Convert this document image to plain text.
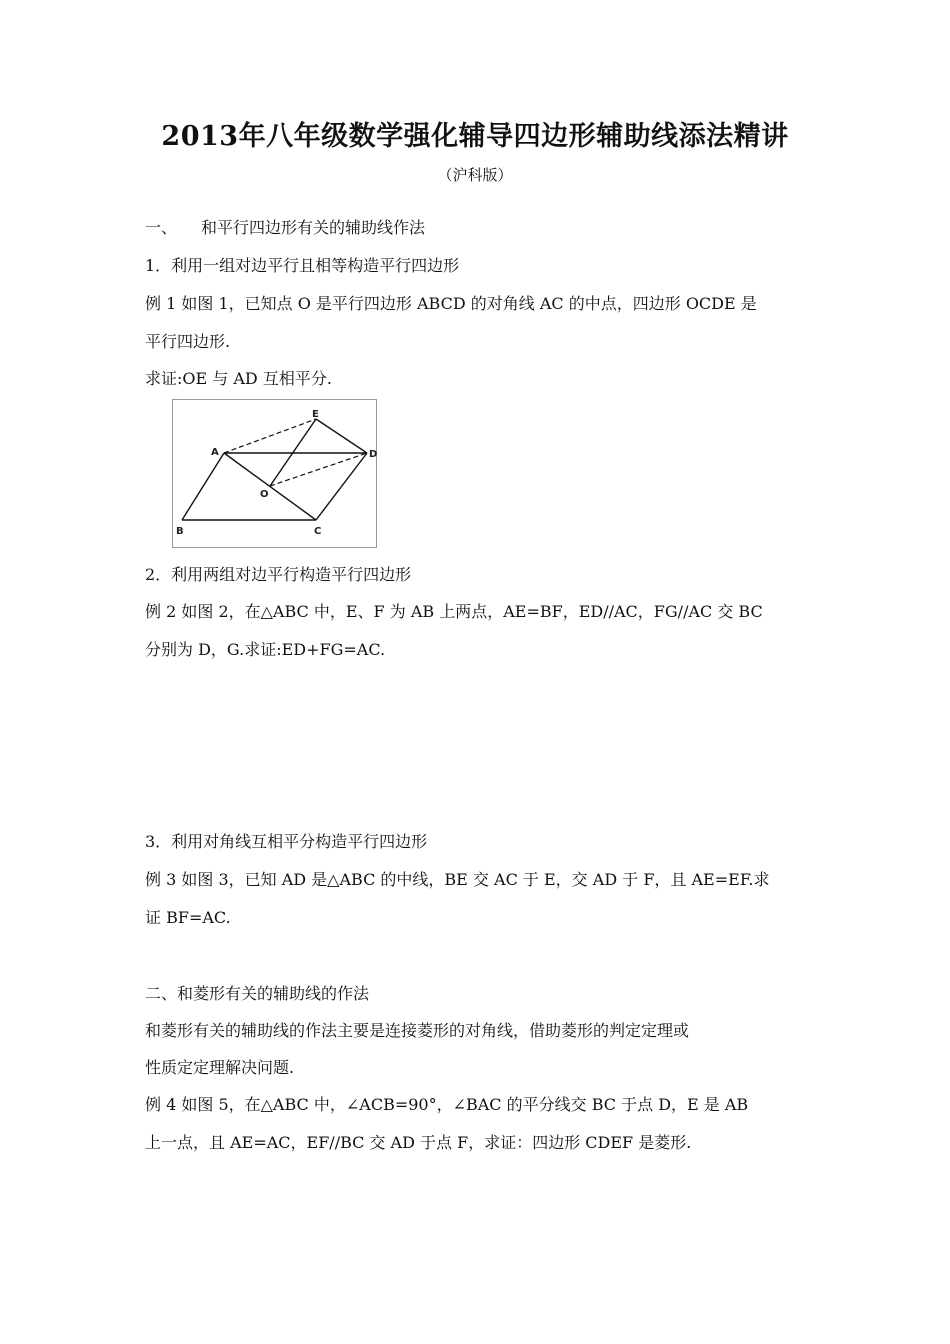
2013年八年级数学强化辅导四边形辅助线添法精讲
（沪科版）
一、　　和平行四边形有关的辅助线作法
1．利用一组对边平行且相等构造平行四边形
例 1 如图 1，已知点 O 是平行四边形 ABCD 的对角线 AC 的中点，四边形 OCDE 是
平行四边形.
求证:OE 与 AD 互相平分.
A
B	C
D
E
O
2．利用两组对边平行构造平行四边形
例 2 如图 2，在△ABC 中，E、F 为 AB 上两点，AE=BF，ED//AC，FG//AC 交 BC
分别为 D，G.求证:ED+FG=AC.
3．利用对角线互相平分构造平行四边形
例 3 如图 3，已知 AD 是△ABC 的中线，BE 交 AC 于 E，交 AD 于 F，且 AE=EF.求
证 BF=AC.
二、和菱形有关的辅助线的作法
和菱形有关的辅助线的作法主要是连接菱形的对角线，借助菱形的判定定理或
性质定定理解决问题.
例 4 如图 5，在△ABC 中，∠ACB=90°，∠BAC 的平分线交 BC 于点 D，E 是 AB
上一点，且 AE=AC，EF//BC 交 AD 于点 F，求证：四边形 CDEF 是菱形.
